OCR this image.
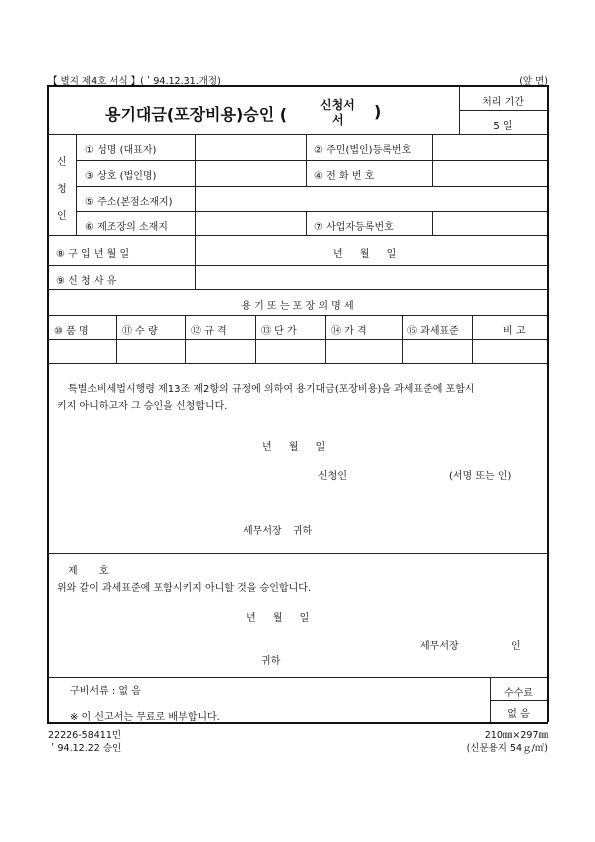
【 별지 제4호 서식 】(＇94.12.31.개정)	(앞 면)
용기대금(포장비용)승인 (	신청서
서 )	처리 기간
5 일
신
청
인
① 성명 (대표자)	② 주민(법인)등록번호
③ 상호 (법인명)	④ 전 화 번 호
⑤ 주소(본점소재지)
⑥ 제조장의 소재지	⑦ 사업자등록번호
⑧ 구 입 년 월 일	년 월 일
⑨ 신 청 사 유
용 기 또 는 포 장 의 명 세
⑩ 품 명	⑪ 수 량	⑫ 규 격	⑬ 단 가	⑭ 가 격	⑮ 과세표준	비 고
특별소비세법시행령 제13조 제2항의 규정에 의하여 용기대금(포장비용)을 과세표준에 포함시
키지 아니하고자 그 승인을 신청합니다.
년 월 일
신청인	(서명 또는 인)
세무서장 귀하
제 호
위와 같이 과세표준에 포함시키지 아니할 것을 승인합니다.
년 월 일
세무서장	인
귀하
구비서류 : 없 음
※ 이 신고서는 무료로 배부합니다.
수수료
없 음
22226-58411민
＇94.12.22 승인
210㎜×297㎜
(신문용지 54ｇ/㎡)
